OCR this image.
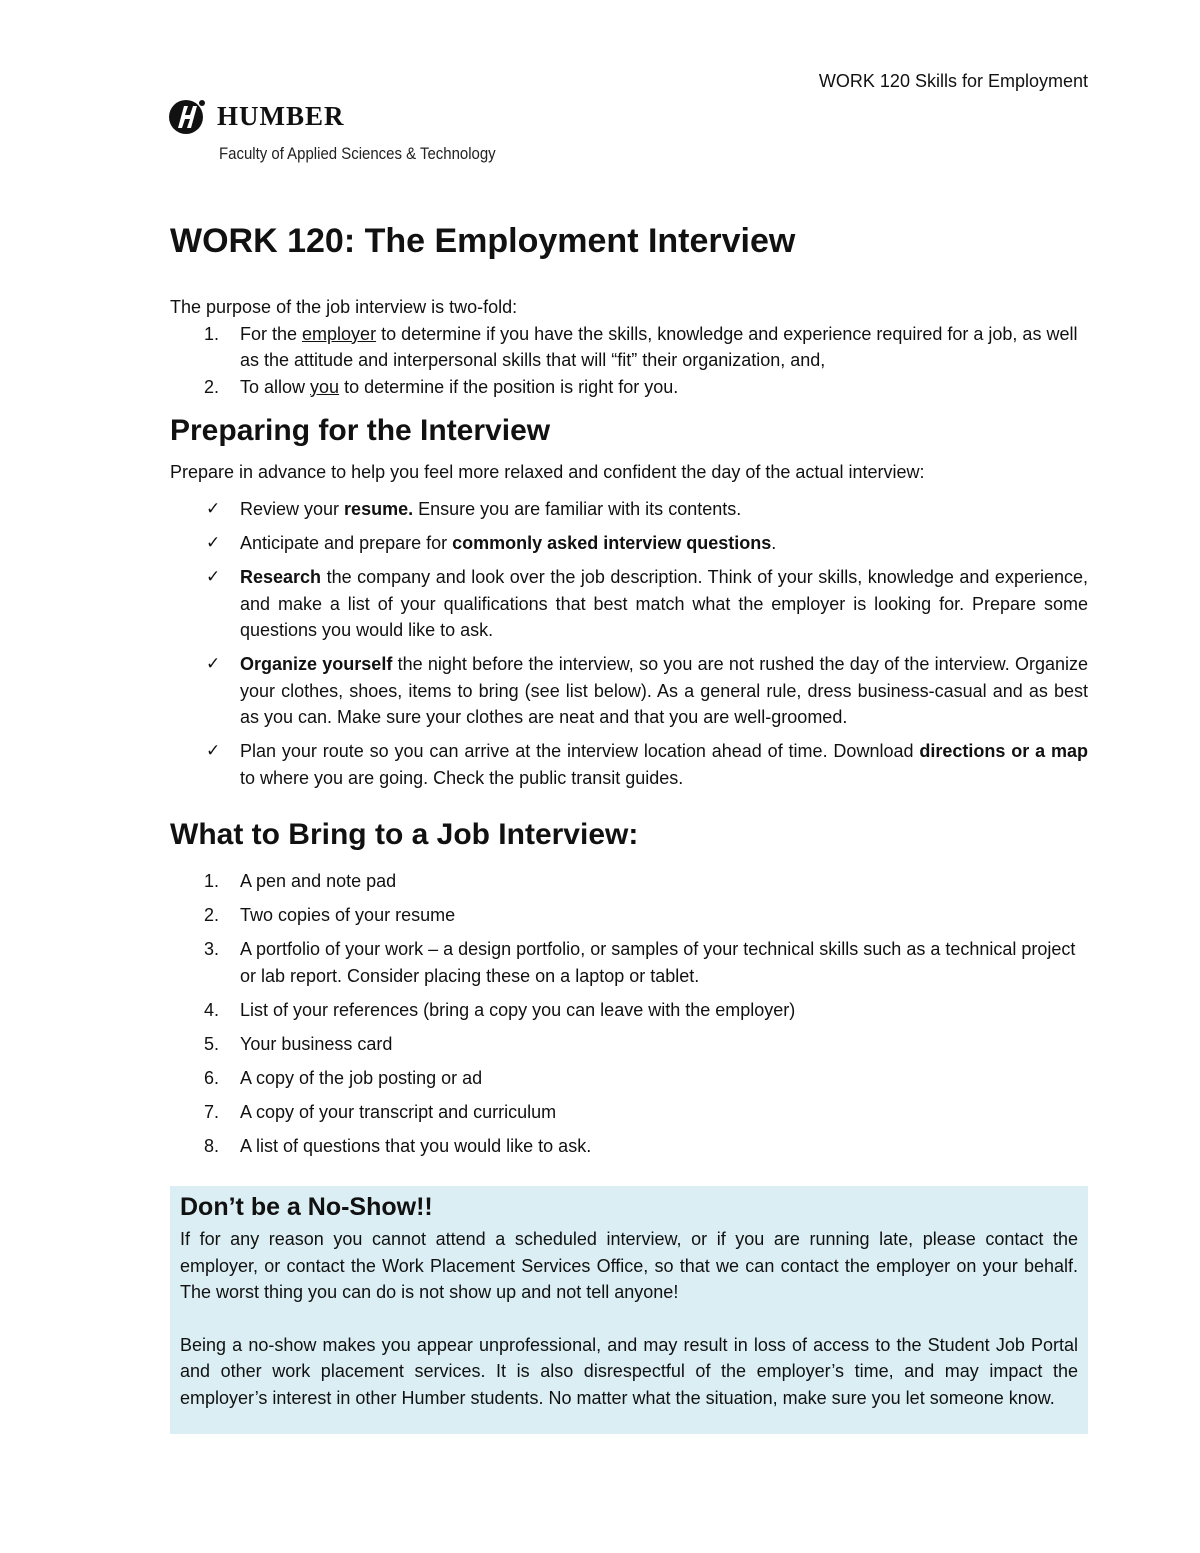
WORK 120 Skills for Employment
HUMBER
Faculty of Applied Sciences & Technology
WORK 120: The Employment Interview

The purpose of the job interview is two-fold:

1. For the employer to determine if you have the skills, knowledge and experience required for a job, as well as the attitude and interpersonal skills that will “fit” their organization, and,
2. To allow you to determine if the position is right for you.
Preparing for the Interview

Prepare in advance to help you feel more relaxed and confident the day of the actual interview:

✓ Review your resume. Ensure you are familiar with its contents.
✓ Anticipate and prepare for commonly asked interview questions.
✓ Research the company and look over the job description. Think of your skills, knowledge and experience, and make a list of your qualifications that best match what the employer is looking for. Prepare some questions you would like to ask.
✓ Organize yourself the night before the interview, so you are not rushed the day of the interview. Organize your clothes, shoes, items to bring (see list below). As a general rule, dress business-casual and as best as you can. Make sure your clothes are neat and that you are well-groomed.
✓ Plan your route so you can arrive at the interview location ahead of time. Download directions or a map to where you are going. Check the public transit guides.
What to Bring to a Job Interview:
1. A pen and note pad
2. Two copies of your resume
3. A portfolio of your work – a design portfolio, or samples of your technical skills such as a technical project or lab report. Consider placing these on a laptop or tablet.
4. List of your references (bring a copy you can leave with the employer)
5. Your business card
6. A copy of the job posting or ad
7. A copy of your transcript and curriculum
8. A list of questions that you would like to ask.
Don’t be a No-Show!!

If for any reason you cannot attend a scheduled interview, or if you are running late, please contact the employer, or contact the Work Placement Services Office, so that we can contact the employer on your behalf. The worst thing you can do is not show up and not tell anyone!

Being a no-show makes you appear unprofessional, and may result in loss of access to the Student Job Portal and other work placement services. It is also disrespectful of the employer’s time, and may impact the employer’s interest in other Humber students. No matter what the situation, make sure you let someone know.
